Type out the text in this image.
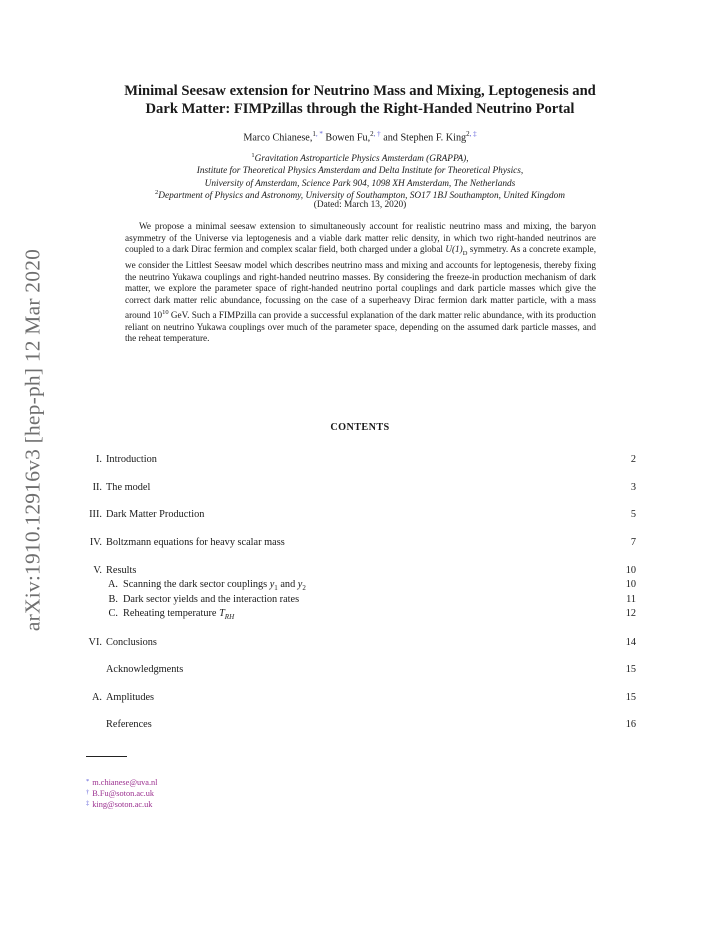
arXiv:1910.12916v3 [hep-ph] 12 Mar 2020
Minimal Seesaw extension for Neutrino Mass and Mixing, Leptogenesis and
Dark Matter: FIMPzillas through the Right-Handed Neutrino Portal
Marco Chianese,$^{1, *}$ Bowen Fu,$^{2, \dagger}$ and Stephen F. King$^{2, \ddagger}$
$^1$Gravitation Astroparticle Physics Amsterdam (GRAPPA),
Institute for Theoretical Physics Amsterdam and Delta Institute for Theoretical Physics,
University of Amsterdam, Science Park 904, 1098 XH Amsterdam, The Netherlands
$^2$Department of Physics and Astronomy, University of Southampton, SO17 1BJ Southampton, United Kingdom
(Dated: March 13, 2020)
We propose a minimal seesaw extension to simultaneously account for realistic neutrino mass and mixing, the baryon asymmetry of the Universe via leptogenesis and a viable dark matter relic density, in which two right-handed neutrinos are coupled to a dark Dirac fermion and complex scalar field, both charged under a global $U(1)_D$ symmetry. As a concrete example, we consider the Littlest Seesaw model which describes neutrino mass and mixing and accounts for leptogenesis, thereby fixing the neutrino Yukawa couplings and right-handed neutrino masses. By considering the freeze-in production mechanism of dark matter, we explore the parameter space of right-handed neutrino portal couplings and dark particle masses which give the correct dark matter relic abundance, focussing on the case of a superheavy Dirac fermion dark matter particle, with a mass around $10^{10}$ GeV. Such a FIMPzilla can provide a successful explanation of the dark matter relic abundance, with its production reliant on neutrino Yukawa couplings over much of the parameter space, depending on the assumed dark particle masses, and the reheat temperature.
CONTENTS
I. Introduction	2
II. The model	3
III. Dark Matter Production	5
IV. Boltzmann equations for heavy scalar mass	7
V. Results	10
A. Scanning the dark sector couplings $y_1$ and $y_2$	10
B. Dark sector yields and the interaction rates	11
C. Reheating temperature $T_{RH}$	12
VI. Conclusions	14
Acknowledgments	15
A. Amplitudes	15
References	16
* m.chianese@uva.nl
† B.Fu@soton.ac.uk
‡ king@soton.ac.uk
